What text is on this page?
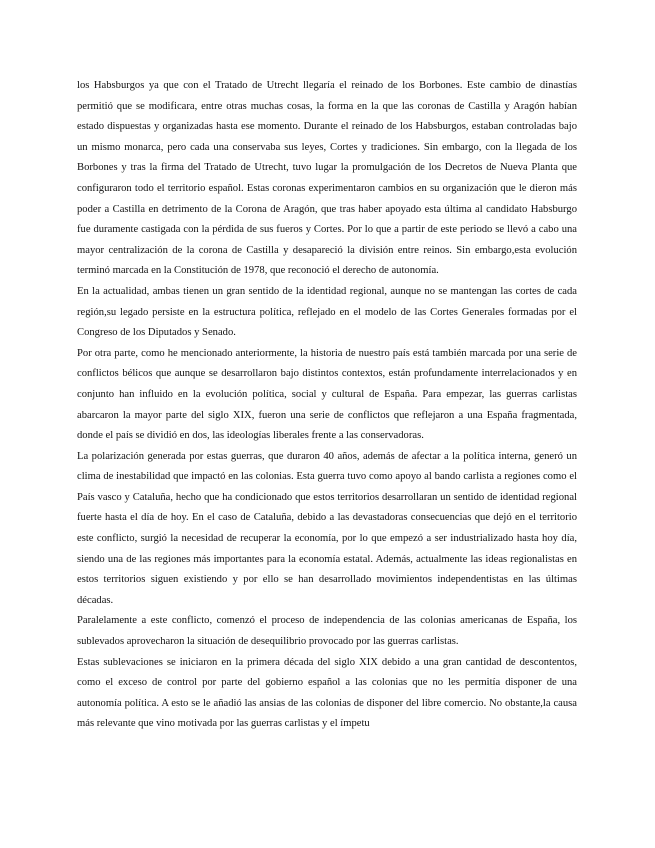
los Habsburgos ya que con el Tratado de Utrecht llegaría el reinado de los Borbones. Este cambio de dinastías permitió que se modificara, entre otras muchas cosas, la forma en la que las coronas de Castilla y Aragón habían estado dispuestas y organizadas hasta ese momento. Durante el reinado de los Habsburgos, estaban controladas bajo un mismo monarca, pero cada una conservaba sus leyes, Cortes y tradiciones. Sin embargo, con la llegada de los Borbones y tras la firma del Tratado de Utrecht, tuvo lugar la promulgación de los Decretos de Nueva Planta que configuraron todo el territorio español. Estas coronas experimentaron cambios en su organización que le dieron más poder a Castilla en detrimento de la Corona de Aragón, que tras haber apoyado esta última al candidato Habsburgo fue duramente castigada con la pérdida de sus fueros y Cortes. Por lo que a partir de este periodo se llevó a cabo una mayor centralización de la corona de Castilla y desapareció la división entre reinos. Sin embargo,esta evolución terminó marcada en la Constitución de 1978, que reconoció el derecho de autonomía.

En la actualidad, ambas tienen un gran sentido de la identidad regional, aunque no se mantengan las cortes de cada región,su legado persiste en la estructura política, reflejado en el modelo de las Cortes Generales formadas por el Congreso de los Diputados y Senado.

Por otra parte, como he mencionado anteriormente, la historia de nuestro país está también marcada por una serie de conflictos bélicos que aunque se desarrollaron bajo distintos contextos, están profundamente interrelacionados y en conjunto han influido en la evolución política, social y cultural de España. Para empezar, las guerras carlistas abarcaron la mayor parte del siglo XIX, fueron una serie de conflictos que reflejaron a una España fragmentada, donde el país se dividió en dos, las ideologías liberales frente a las conservadoras.

La polarización generada por estas guerras, que duraron 40 años, además de afectar a la política interna, generó un clima de inestabilidad que impactó en las colonias. Esta guerra tuvo como apoyo al bando carlista a regiones como el País vasco y Cataluña, hecho que ha condicionado que estos territorios desarrollaran un sentido de identidad regional fuerte hasta el día de hoy. En el caso de Cataluña, debido a las devastadoras consecuencias que dejó en el territorio este conflicto, surgió la necesidad de recuperar la economía, por lo que empezó a ser industrializado hasta hoy día, siendo una de las regiones más importantes para la economía estatal. Además, actualmente las ideas regionalistas en estos territorios siguen existiendo y por ello se han desarrollado movimientos independentistas en las últimas décadas.

Paralelamente a este conflicto, comenzó el proceso de independencia de las colonias americanas de España, los sublevados aprovecharon la situación de desequilibrio provocado por las guerras carlistas.

Estas sublevaciones se iniciaron en la primera década del siglo XIX debido a una gran cantidad de descontentos, como el exceso de control por parte del gobierno español a las colonias que no les permitía disponer de una autonomía política. A esto se le añadió las ansias de las colonias de disponer del libre comercio. No obstante,la causa más relevante que vino motivada por las guerras carlistas y el ímpetu
